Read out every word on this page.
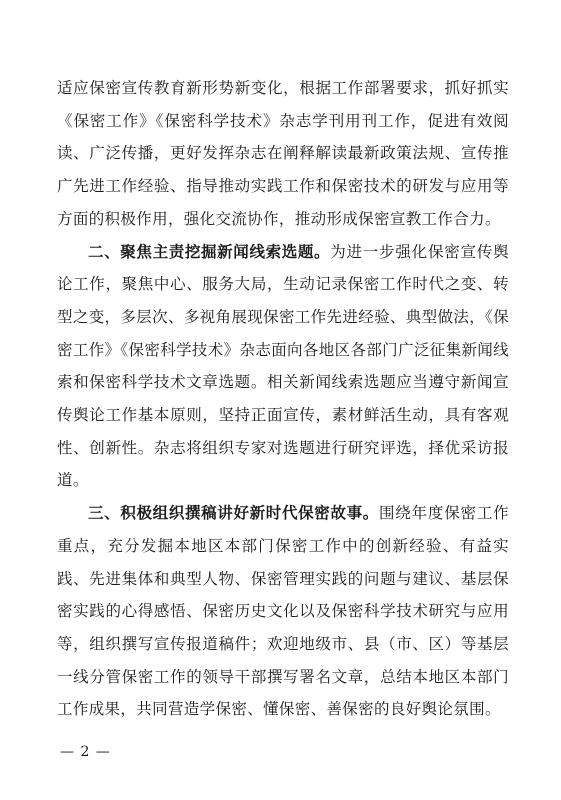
适应保密宣传教育新形势新变化，根据工作部署要求，抓好抓实《保密工作》《保密科学技术》杂志学刊用刊工作，促进有效阅读、广泛传播，更好发挥杂志在阐释解读最新政策法规、宣传推广先进工作经验、指导推动实践工作和保密技术的研发与应用等方面的积极作用，强化交流协作，推动形成保密宣教工作合力。

二、聚焦主责挖掘新闻线索选题。为进一步强化保密宣传舆论工作，聚焦中心、服务大局，生动记录保密工作时代之变、转型之变，多层次、多视角展现保密工作先进经验、典型做法，《保密工作》《保密科学技术》杂志面向各地区各部门广泛征集新闻线索和保密科学技术文章选题。相关新闻线索选题应当遵守新闻宣传舆论工作基本原则，坚持正面宣传，素材鲜活生动，具有客观性、创新性。杂志将组织专家对选题进行研究评选，择优采访报道。

三、积极组织撰稿讲好新时代保密故事。围绕年度保密工作重点，充分发掘本地区本部门保密工作中的创新经验、有益实践、先进集体和典型人物、保密管理实践的问题与建议、基层保密实践的心得感悟、保密历史文化以及保密科学技术研究与应用等，组织撰写宣传报道稿件；欢迎地级市、县（市、区）等基层一线分管保密工作的领导干部撰写署名文章，总结本地区本部门工作成果，共同营造学保密、懂保密、善保密的良好舆论氛围。

— 2 —
